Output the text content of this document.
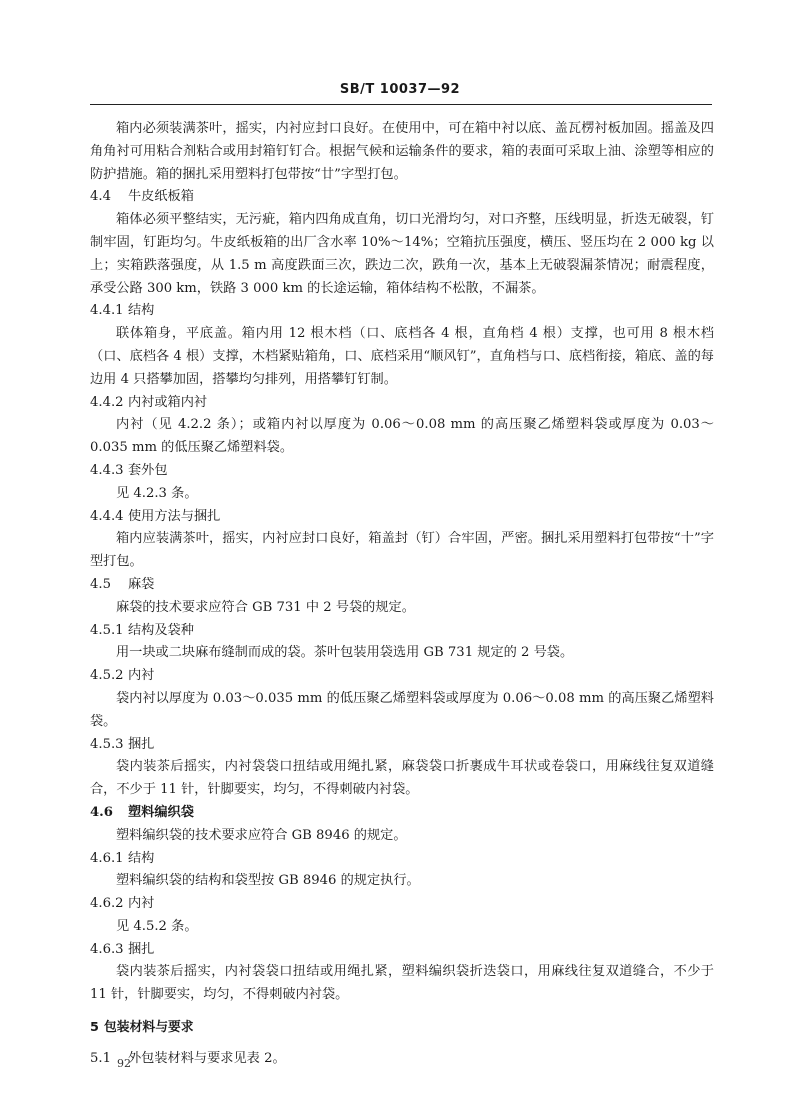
SB/T 10037—92

箱内必须装满茶叶，摇实，内衬应封口良好。在使用中，可在箱中衬以底、盖瓦楞衬板加固。摇盖及四角角衬可用粘合剂粘合或用封箱钉钉合。根据气候和运输条件的要求，箱的表面可采取上油、涂塑等相应的防护措施。箱的捆扎采用塑料打包带按“廿”字型打包。

4.4 牛皮纸板箱

箱体必须平整结实，无污疵，箱内四角成直角，切口光滑均匀，对口齐整，压线明显，折迭无破裂，钉制牢固，钉距均匀。牛皮纸板箱的出厂含水率 10%～14%；空箱抗压强度，横压、竖压均在 2 000 kg 以上；实箱跌落强度，从 1.5 m 高度跌面三次，跌边二次，跌角一次，基本上无破裂漏茶情况；耐震程度，承受公路 300 km，铁路 3 000 km 的长途运输，箱体结构不松散，不漏茶。

4.4.1 结构

联体箱身，平底盖。箱内用 12 根木档（口、底档各 4 根，直角档 4 根）支撑，也可用 8 根木档（口、底档各 4 根）支撑，木档紧贴箱角，口、底档采用“顺风钉”，直角档与口、底档衔接，箱底、盖的每边用 4 只搭攀加固，搭攀均匀排列，用搭攀钉钉制。

4.4.2 内衬或箱内衬

内衬（见 4.2.2 条）；或箱内衬以厚度为 0.06～0.08 mm 的高压聚乙烯塑料袋或厚度为 0.03～0.035 mm 的低压聚乙烯塑料袋。

4.4.3 套外包

见 4.2.3 条。

4.4.4 使用方法与捆扎

箱内应装满茶叶，摇实，内衬应封口良好，箱盖封（钉）合牢固，严密。捆扎采用塑料打包带按“十”字型打包。

4.5 麻袋

麻袋的技术要求应符合 GB 731 中 2 号袋的规定。

4.5.1 结构及袋种

用一块或二块麻布缝制而成的袋。茶叶包装用袋选用 GB 731 规定的 2 号袋。

4.5.2 内衬

袋内衬以厚度为 0.03～0.035 mm 的低压聚乙烯塑料袋或厚度为 0.06～0.08 mm 的高压聚乙烯塑料袋。

4.5.3 捆扎

袋内装茶后摇实，内衬袋袋口扭结或用绳扎紧，麻袋袋口折裹成牛耳状或卷袋口，用麻线往复双道缝合，不少于 11 针，针脚要实，均匀，不得刺破内衬袋。

4.6 塑料编织袋

塑料编织袋的技术要求应符合 GB 8946 的规定。

4.6.1 结构

塑料编织袋的结构和袋型按 GB 8946 的规定执行。

4.6.2 内衬

见 4.5.2 条。

4.6.3 捆扎

袋内装茶后摇实，内衬袋袋口扭结或用绳扎紧，塑料编织袋折迭袋口，用麻线往复双道缝合，不少于 11 针，针脚要实，均匀，不得刺破内衬袋。

5 包装材料与要求
5.1 外包装材料与要求见表 2。
92
